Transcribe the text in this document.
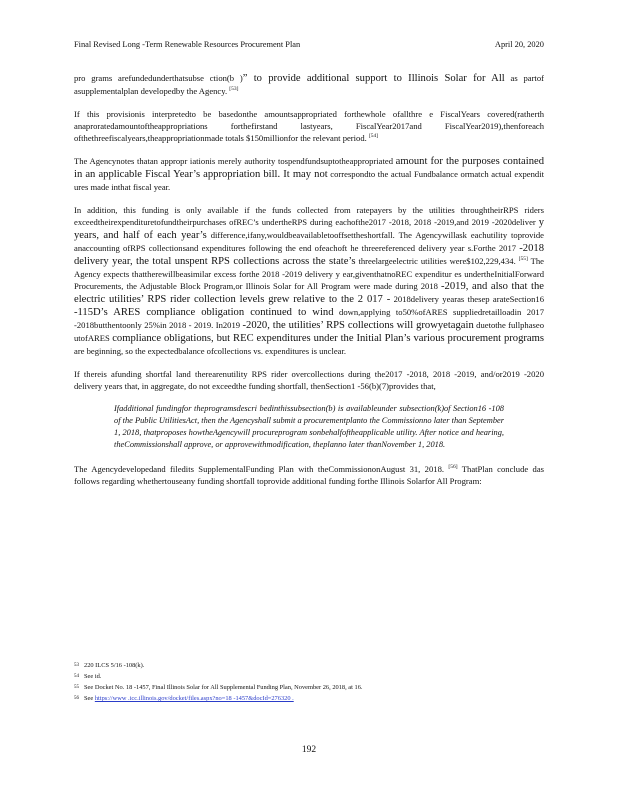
Final Revised Long -Term Renewable Resources Procurement Plan	April 20, 2020

pro grams arefundedunderthatsubse ction(b )” to provide additional support to Illinois Solar for All as partof asupplementalplan developedby the Agency. [53]

If this provisionis interpretedto be basedonthe amountsappropriated forthewhole ofallthre e FiscalYears covered(ratherth anaproratedamountoftheappropriations forthefirstand lastyears, FiscalYear2017and FiscalYear2019),thenforeach ofthethreefiscalyears,theappropriationmade totals $150millionfor the relevant period. [54]

The Agencynotes thatan appropr iationis merely authority tospendfundsuptotheappropriated amount for the purposes contained in an applicable Fiscal Year’s appropriation bill. It may not correspondto the actual Fundbalance ormatch actual expendit ures made inthat fiscal year.

In addition, this funding is only available if the funds collected from ratepayers by the utilities throughtheirRPS riders exceedtheirexpendituretofundtheirpurchases ofREC’s undertheRPS during eachofthe2017 -2018, 2018 -2019,and 2019 -2020deliver y years, and half of each year’s difference,ifany,wouldbeavailabletooffsettheshortfall. The Agencywillask eachutility toprovide anaccounting ofRPS collectionsand expenditures following the end ofeachoft he threereferenced delivery year s.Forthe 2017 -2018 delivery year, the total unspent RPS collections across the state’s threelargeelectric utilities were$102,229,434. [55] The Agency expects thattherewillbeasimilar excess forthe 2018 -2019 delivery y ear,giventhatnoREC expenditur es undertheInitialForward Procurements, the Adjustable Block Program,or Illinois Solar for All Program were made during 2018 -2019, and also that the electric utilities’ RPS rider collection levels grew relative to the 2 017 - 2018delivery yearas thesep arateSection16 -115D’s ARES compliance obligation continued to wind down,applying to50%ofARES suppliedretailloadin 2017 -2018butthentoonly 25%in 2018 - 2019. In2019 -2020, the utilities’ RPS collections will growyetagain duetothe fullphaseo utofARES compliance obligations, but REC expenditures under the Initial Plan’s various procurement programs are beginning, so the expectedbalance ofcollections vs. expenditures is unclear.

If thereis afunding shortfal land therearenutility RPS rider overcollections during the2017 -2018, 2018 -2019, and/or2019 -2020 delivery years that, in aggregate, do not exceedthe funding shortfall, thenSection1 -56(b)(7)provides that,

Ifadditional fundingfor theprogramsdescri bedinthissubsection(b) is availableunder subsection(k)of Section16 -108 of the Public UtilitiesAct, then the Agencyshall submit a procurementplanto the Commissionno later than September 1, 2018, thatproposes howtheAgencywill procureprogram sonbehalfoftheapplicable utility. After notice and hearing, theCommissionshall approve, or approvewithmodification, theplanno later thanNovember 1, 2018.

The Agencydevelopedand filedits SupplementalFunding Plan with theCommissiononAugust 31, 2018. [56] ThatPlan conclude das follows regarding whethertouseany funding shortfall toprovide additional funding forthe Illinois Solarfor All Program:

53 220 ILCS 5/16 -108(k).

54 See id.

55 See Docket No. 18 -1457, Final Illinois Solar for All Supplemental Funding Plan, November 26, 2018, at 16.

56 See https://www .icc.illinois.gov/docket/files.aspx?no=18 -1457&docId=276320 .

192
